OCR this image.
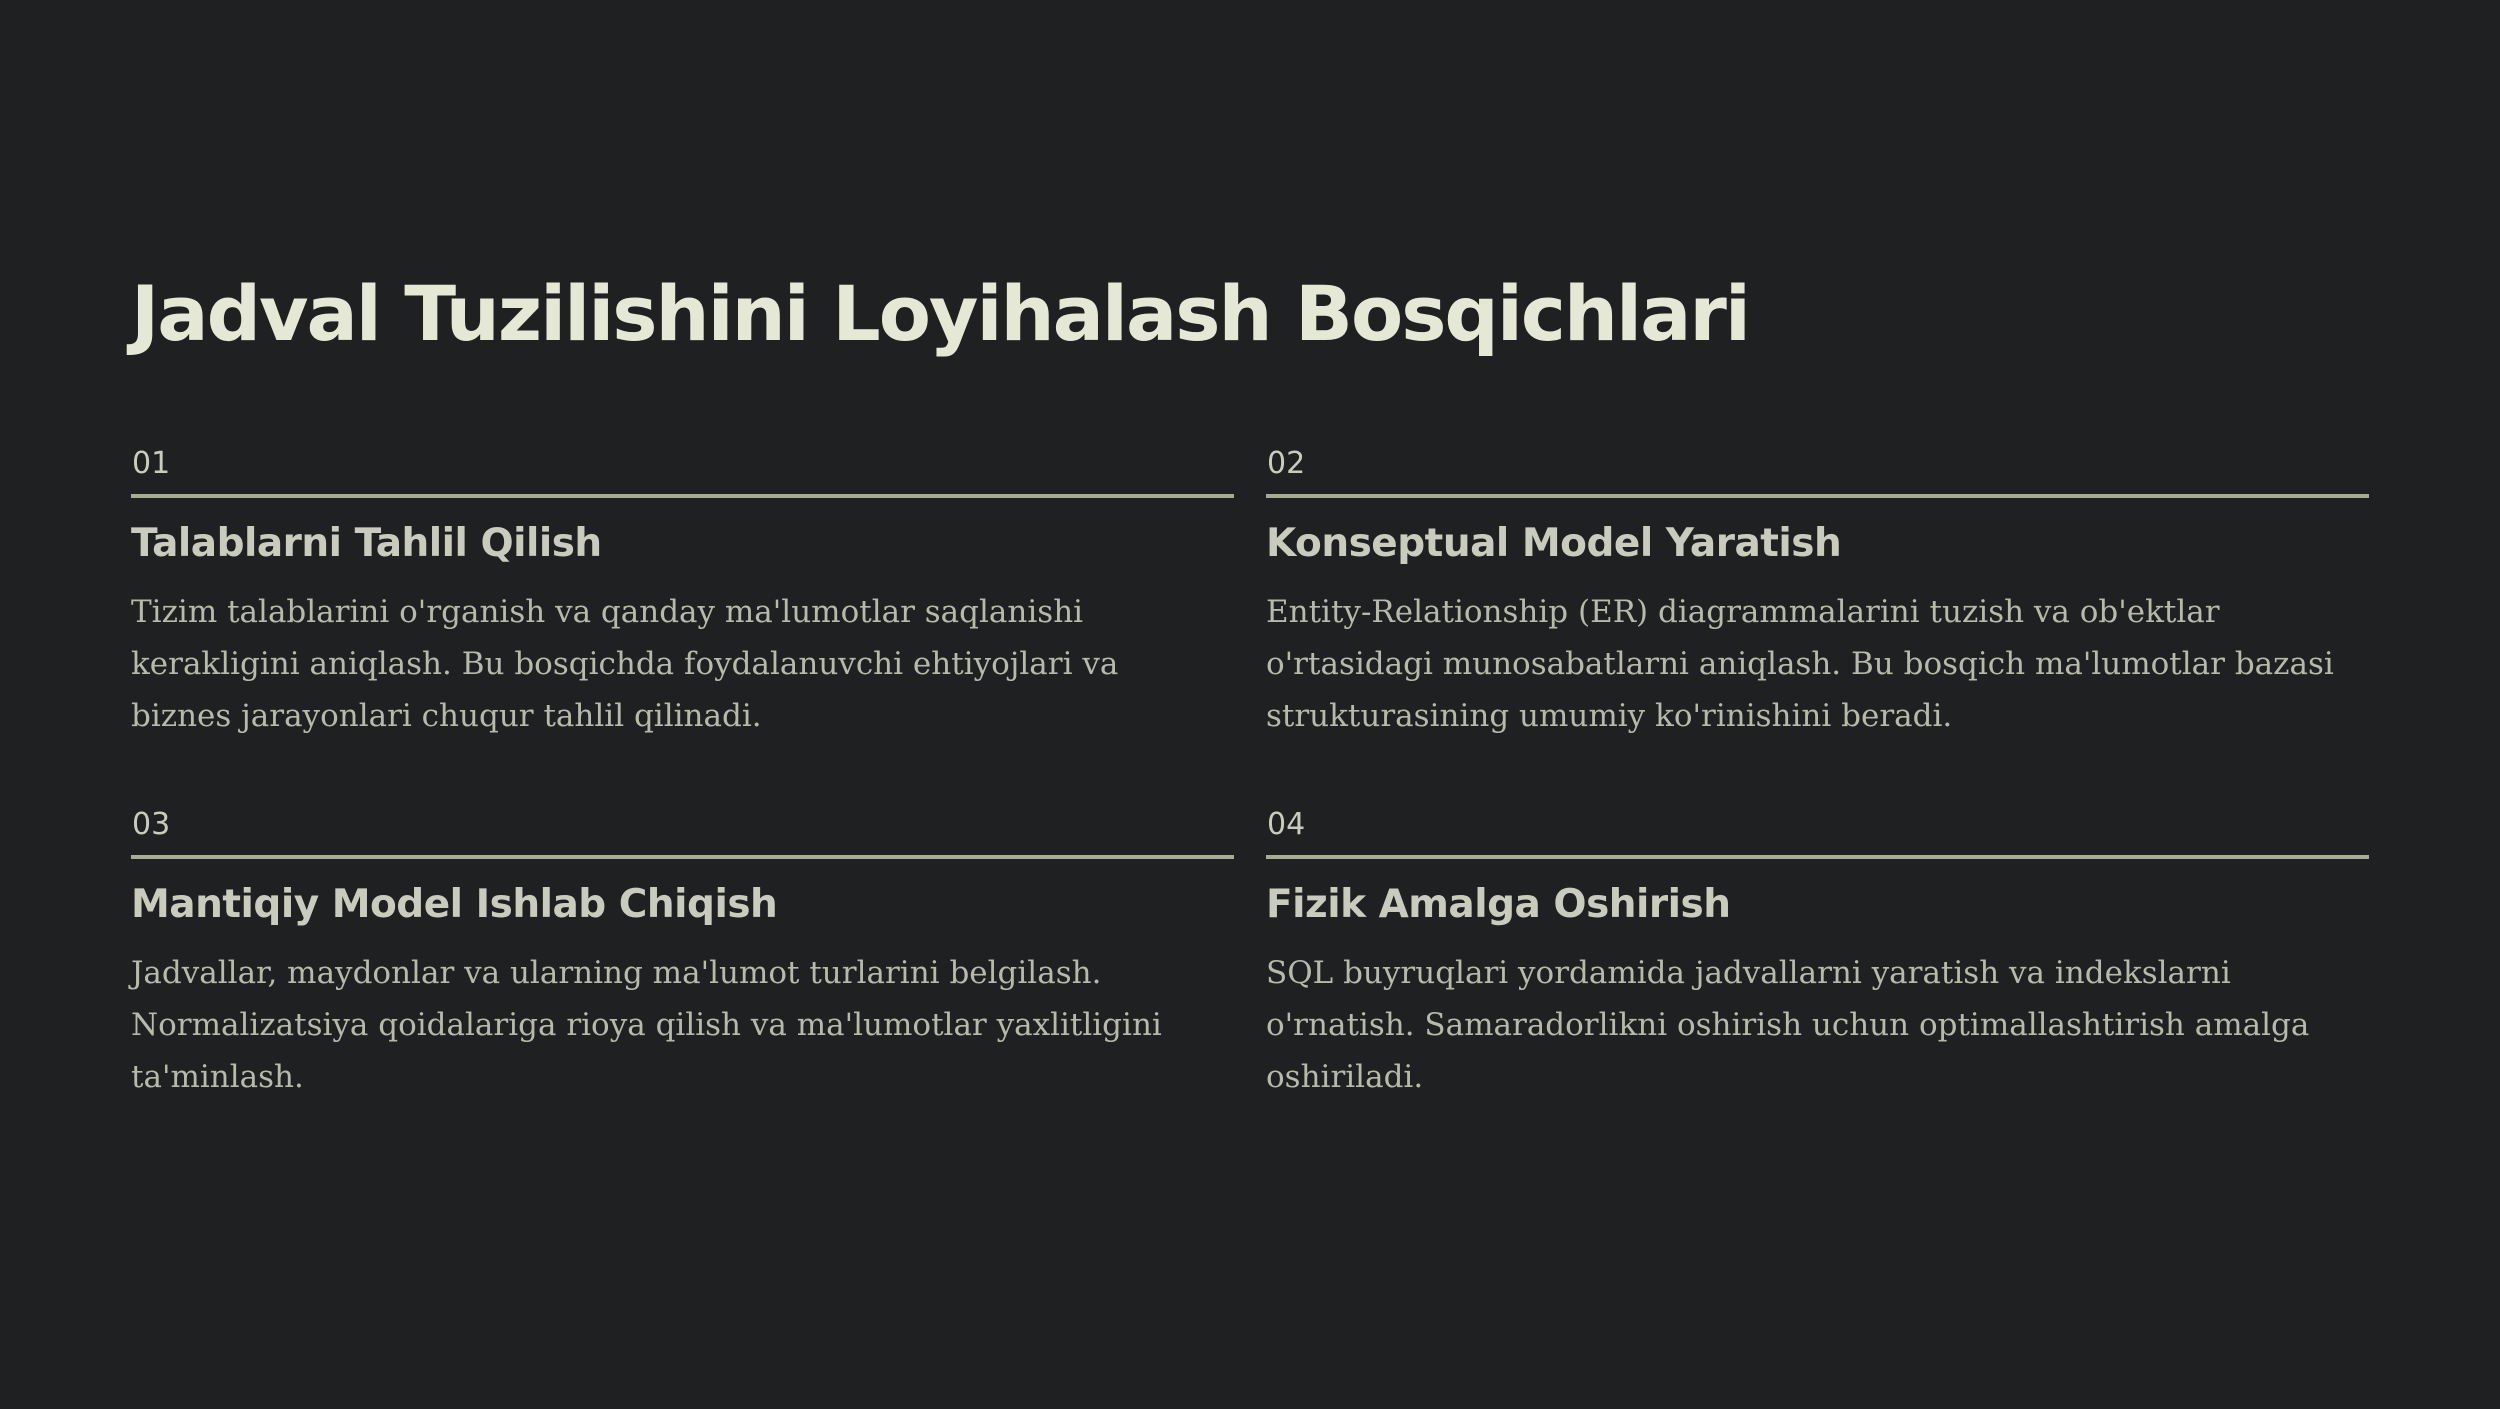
Jadval Tuzilishini Loyihalash Bosqichlari
01
Talablarni Tahlil Qilish
Tizim talablarini o'rganish va qanday ma'lumotlar saqlanishi kerakligini aniqlash. Bu bosqichda foydalanuvchi ehtiyojlari va biznes jarayonlari chuqur tahlil qilinadi.
02
Konseptual Model Yaratish
Entity-Relationship (ER) diagrammalarini tuzish va ob'ektlar o'rtasidagi munosabatlarni aniqlash. Bu bosqich ma'lumotlar bazasi strukturasining umumiy ko'rinishini beradi.
03
Mantiqiy Model Ishlab Chiqish
Jadvallar, maydonlar va ularning ma'lumot turlarini belgilash. Normalizatsiya qoidalariga rioya qilish va ma'lumotlar yaxlitligini ta'minlash.
04
Fizik Amalga Oshirish
SQL buyruqlari yordamida jadvallarni yaratish va indekslarni o'rnatish. Samaradorlikni oshirish uchun optimallashtirish amalga oshiriladi.
